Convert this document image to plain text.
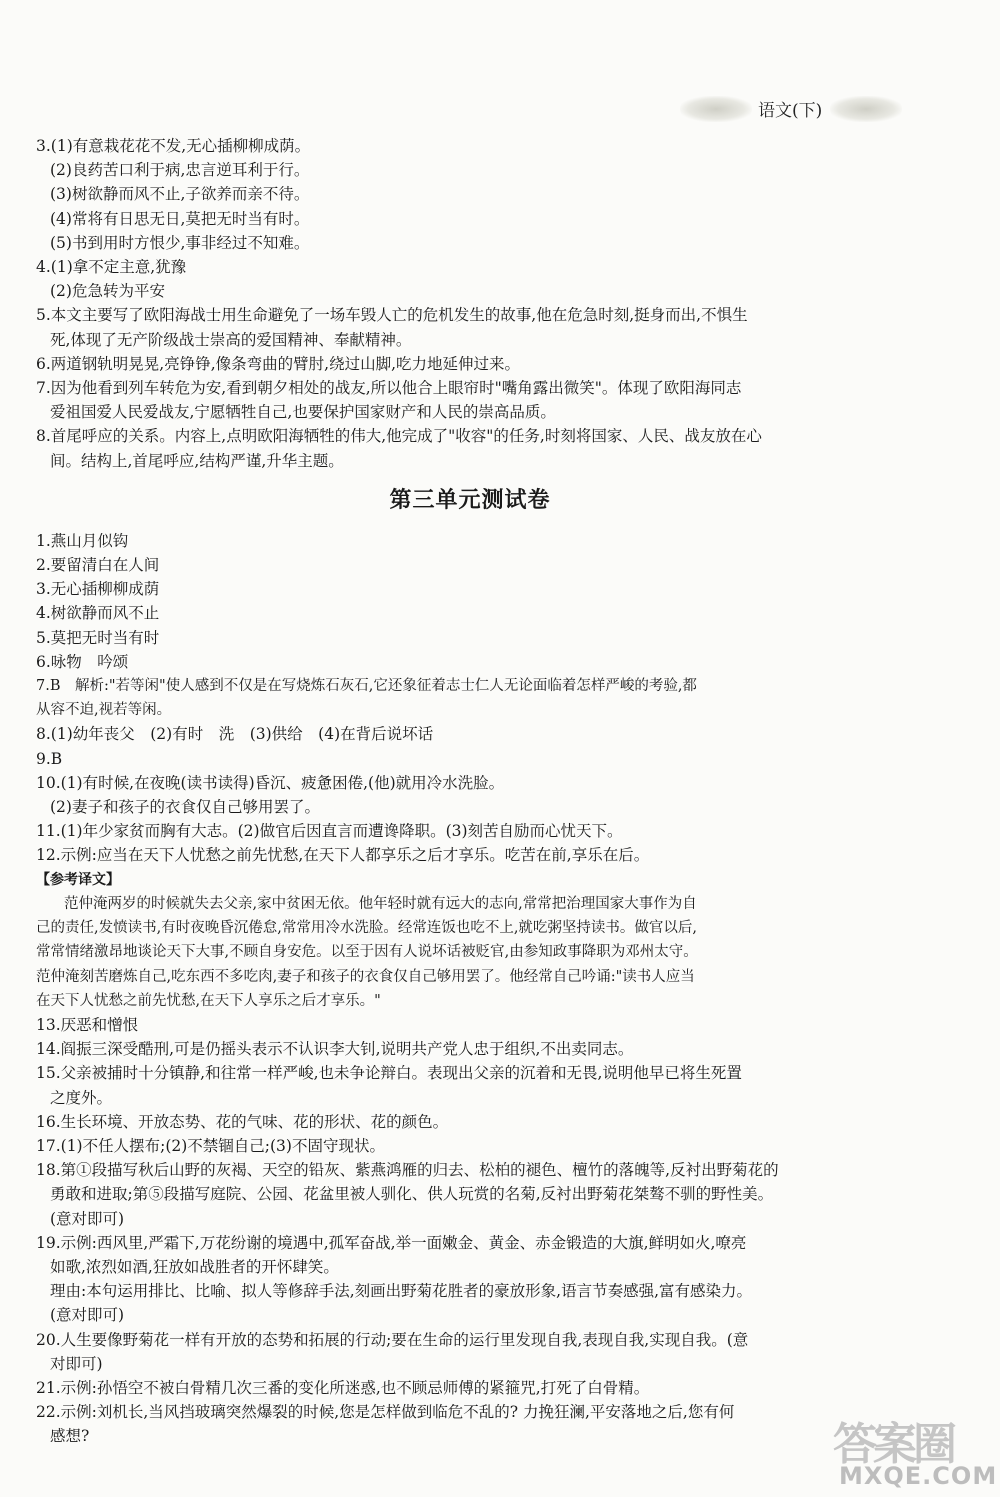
语文(下)
3.(1)有意栽花花不发,无心插柳柳成荫。
(2)良药苦口利于病,忠言逆耳利于行。
(3)树欲静而风不止,子欲养而亲不待。
(4)常将有日思无日,莫把无时当有时。
(5)书到用时方恨少,事非经过不知难。
4.(1)拿不定主意,犹豫
(2)危急转为平安
5.本文主要写了欧阳海战士用生命避免了一场车毁人亡的危机发生的故事,他在危急时刻,挺身而出,不惧生
死,体现了无产阶级战士崇高的爱国精神、奉献精神。
6.两道钢轨明晃晃,亮铮铮,像条弯曲的臂肘,绕过山脚,吃力地延伸过来。
7.因为他看到列车转危为安,看到朝夕相处的战友,所以他合上眼帘时"嘴角露出微笑"。体现了欧阳海同志
爱祖国爱人民爱战友,宁愿牺牲自己,也要保护国家财产和人民的崇高品质。
8.首尾呼应的关系。内容上,点明欧阳海牺牲的伟大,他完成了"收容"的任务,时刻将国家、人民、战友放在心
间。结构上,首尾呼应,结构严谨,升华主题。
第三单元测试卷
1.燕山月似钩
2.要留清白在人间
3.无心插柳柳成荫
4.树欲静而风不止
5.莫把无时当有时
6.咏物　吟颂
7.B　解析:"若等闲"使人感到不仅是在写烧炼石灰石,它还象征着志士仁人无论面临着怎样严峻的考验,都
从容不迫,视若等闲。
8.(1)幼年丧父　(2)有时　洗　(3)供给　(4)在背后说坏话
9.B
10.(1)有时候,在夜晚(读书读得)昏沉、疲惫困倦,(他)就用冷水洗脸。
(2)妻子和孩子的衣食仅自己够用罢了。
11.(1)年少家贫而胸有大志。(2)做官后因直言而遭谗降职。(3)刻苦自励而心忧天下。
12.示例:应当在天下人忧愁之前先忧愁,在天下人都享乐之后才享乐。吃苦在前,享乐在后。
【参考译文】
范仲淹两岁的时候就失去父亲,家中贫困无依。他年轻时就有远大的志向,常常把治理国家大事作为自
己的责任,发愤读书,有时夜晚昏沉倦怠,常常用冷水洗脸。经常连饭也吃不上,就吃粥坚持读书。做官以后,
常常情绪激昂地谈论天下大事,不顾自身安危。以至于因有人说坏话被贬官,由参知政事降职为邓州太守。
范仲淹刻苦磨炼自己,吃东西不多吃肉,妻子和孩子的衣食仅自己够用罢了。他经常自己吟诵:"读书人应当
在天下人忧愁之前先忧愁,在天下人享乐之后才享乐。"
13.厌恶和憎恨
14.阎振三深受酷刑,可是仍摇头表示不认识李大钊,说明共产党人忠于组织,不出卖同志。
15.父亲被捕时十分镇静,和往常一样严峻,也未争论辩白。表现出父亲的沉着和无畏,说明他早已将生死置
之度外。
16.生长环境、开放态势、花的气味、花的形状、花的颜色。
17.(1)不任人摆布;(2)不禁锢自己;(3)不固守现状。
18.第①段描写秋后山野的灰褐、天空的铅灰、紫燕鸿雁的归去、松柏的褪色、檀竹的落魄等,反衬出野菊花的
勇敢和进取;第⑤段描写庭院、公园、花盆里被人驯化、供人玩赏的名菊,反衬出野菊花桀骜不驯的野性美。
(意对即可)
19.示例:西风里,严霜下,万花纷谢的境遇中,孤军奋战,举一面嫩金、黄金、赤金锻造的大旗,鲜明如火,嘹亮
如歌,浓烈如酒,狂放如战胜者的开怀肆笑。
理由:本句运用排比、比喻、拟人等修辞手法,刻画出野菊花胜者的豪放形象,语言节奏感强,富有感染力。
(意对即可)
20.人生要像野菊花一样有开放的态势和拓展的行动;要在生命的运行里发现自我,表现自我,实现自我。(意
对即可)
21.示例:孙悟空不被白骨精几次三番的变化所迷惑,也不顾忌师傅的紧箍咒,打死了白骨精。
22.示例:刘机长,当风挡玻璃突然爆裂的时候,您是怎样做到临危不乱的? 力挽狂澜,平安落地之后,您有何
感想?	答案圈
MXQE.COM
